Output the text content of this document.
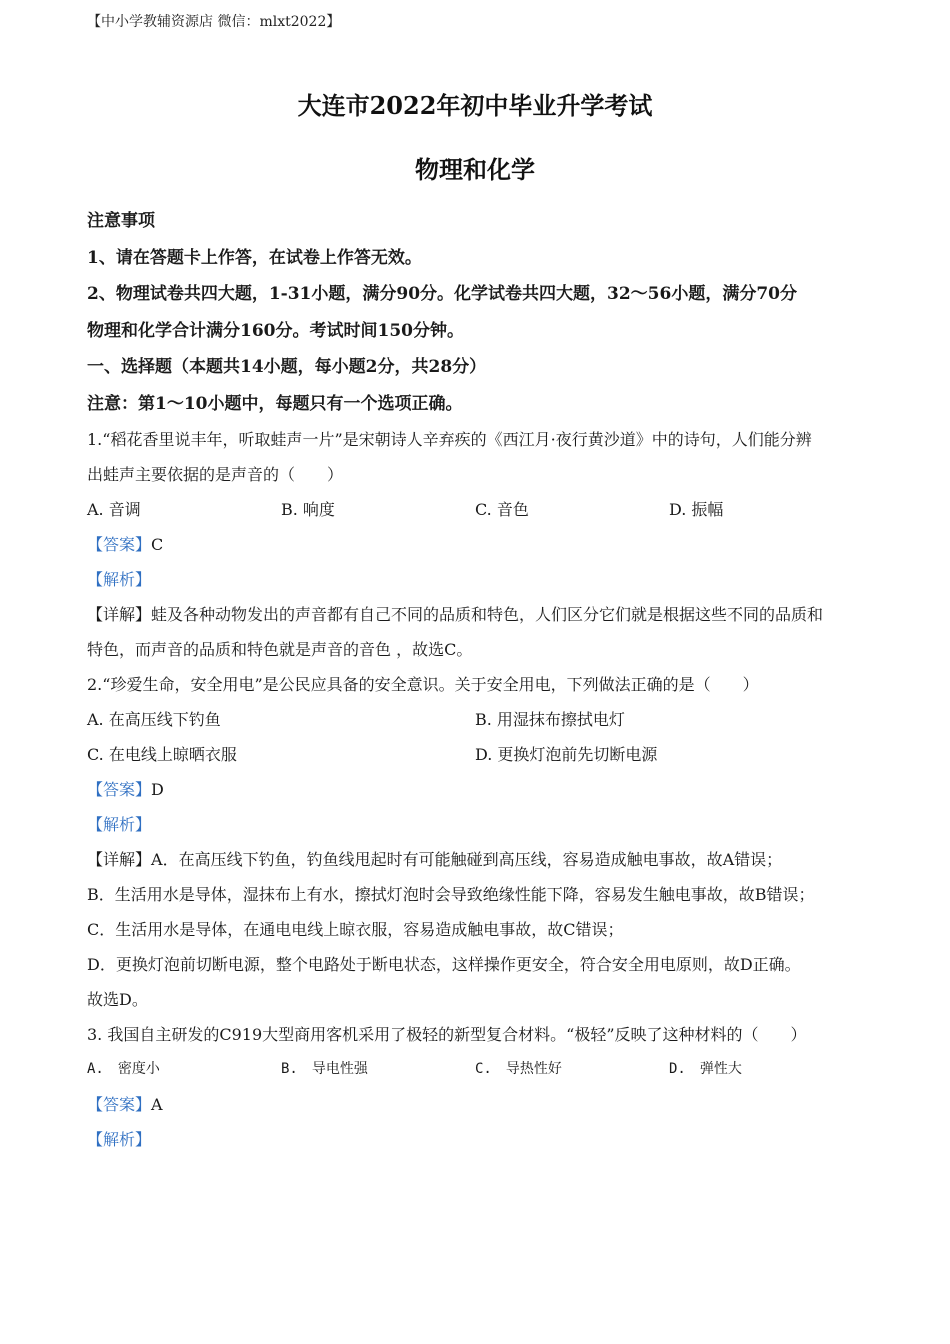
【中小学教辅资源店 微信：mlxt2022】
大连市2022年初中毕业升学考试
物理和化学
注意事项
1、请在答题卡上作答，在试卷上作答无效。
2、物理试卷共四大题，1-31小题，满分90分。化学试卷共四大题，32～56小题，满分70分
物理和化学合计满分160分。考试时间150分钟。
一、选择题（本题共14小题，每小题2分，共28分）
注意：第1～10小题中，每题只有一个选项正确。
1.“稻花香里说丰年，听取蛙声一片”是宋朝诗人辛弃疾的《西江月·夜行黄沙道》中的诗句，人们能分辨
出蛙声主要依据的是声音的（　　）
A. 音调	B. 响度	C. 音色	D. 振幅
【答案】C
【解析】
【详解】蛙及各种动物发出的声音都有自己不同的品质和特色，人们区分它们就是根据这些不同的品质和
特色，而声音的品质和特色就是声音的音色 ，故选C。
2.“珍爱生命，安全用电”是公民应具备的安全意识。关于安全用电，下列做法正确的是（　　）
A. 在高压线下钓鱼	B. 用湿抹布擦拭电灯
C. 在电线上晾晒衣服	D. 更换灯泡前先切断电源
【答案】D
【解析】
【详解】A．在高压线下钓鱼，钓鱼线甩起时有可能触碰到高压线，容易造成触电事故，故A错误；
B．生活用水是导体，湿抹布上有水，擦拭灯泡时会导致绝缘性能下降，容易发生触电事故，故B错误；
C．生活用水是导体，在通电电线上晾衣服，容易造成触电事故，故C错误；
D．更换灯泡前切断电源，整个电路处于断电状态，这样操作更安全，符合安全用电原则，故D正确。
故选D。
3. 我国自主研发的C919大型商用客机采用了极轻的新型复合材料。“极轻”反映了这种材料的（　　）
A.　密度小	B.　导电性强	C.　导热性好	D.　弹性大
【答案】A
【解析】
